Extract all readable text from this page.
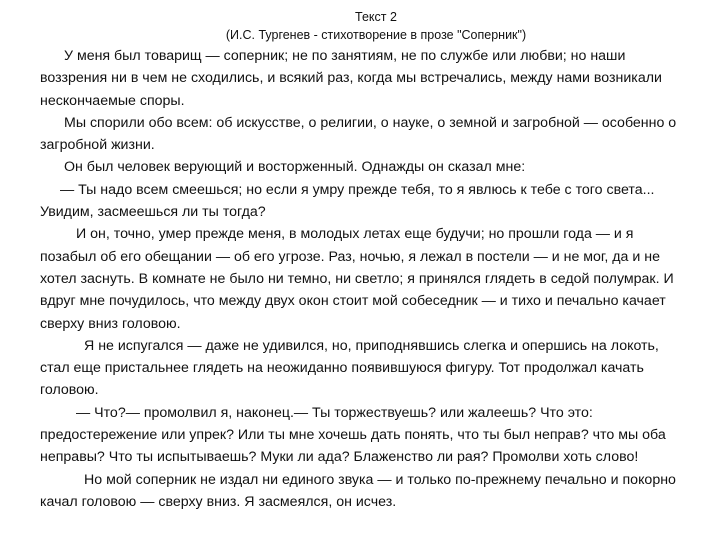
Текст 2

(И.С. Тургенев - стихотворение в прозе "Соперник")

У меня был товарищ — соперник; не по занятиям, не по службе или любви; но наши воззрения ни в чем не сходились, и всякий раз, когда мы встречались, между нами возникали нескончаемые споры.

Мы спорили обо всем: об искусстве, о религии, о науке, о земной и загробной — особенно о загробной жизни.

Он был человек верующий и восторженный. Однажды он сказал мне:

— Ты надо всем смеешься; но если я умру прежде тебя, то я явлюсь к тебе с того света... Увидим, засмеешься ли ты тогда?

И он, точно, умер прежде меня, в молодых летах еще будучи; но прошли года — и я позабыл об его обещании — об его угрозе. Раз, ночью, я лежал в постели — и не мог, да и не хотел заснуть. В комнате не было ни темно, ни светло; я принялся глядеть в седой полумрак. И вдруг мне почудилось, что между двух окон стоит мой собеседник — и тихо и печально качает сверху вниз головою.

Я не испугался — даже не удивился, но, приподнявшись слегка и опершись на локоть, стал еще пристальнее глядеть на неожиданно появившуюся фигуру. Тот продолжал качать головою.

— Что?— промолвил я, наконец.— Ты торжествуешь? или жалеешь? Что это: предостережение или упрек? Или ты мне хочешь дать понять, что ты был неправ? что мы оба неправы? Что ты испытываешь? Муки ли ада? Блаженство ли рая? Промолви хоть слово!

Но мой соперник не издал ни единого звука — и только по-прежнему печально и покорно качал головою — сверху вниз. Я засмеялся, он исчез.
